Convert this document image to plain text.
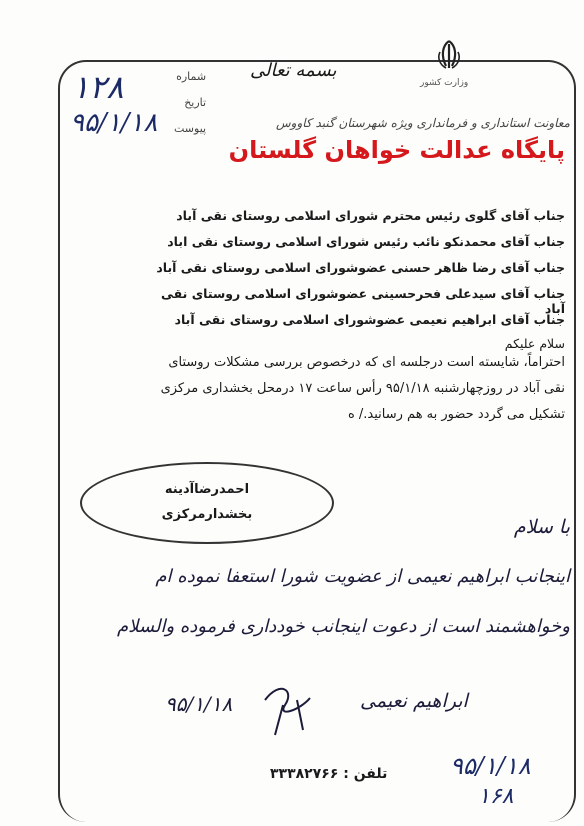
وزارت کشور
بسمه تعالی
شماره
تاریخ
پیوست
۱۲۸
۹۵/۱/۱۸	معاونت استانداری و فرمانداری ویژه شهرستان گنبد کاووس
پایگاه عدالت خواهان گلستان
جناب آقای گلوی رئیس محترم شورای اسلامی روستای نقی آباد
جناب آقای محمدنکو نائب رئیس شورای اسلامی روستای نقی اباد
جناب آقای رضا ظاهر حسنی عضوشورای اسلامی روستای نقی آباد
جناب آقای سیدعلی فحرحسینی عضوشورای اسلامی روستای نقی آباد
جناب آقای ابراهیم نعیمی عضوشورای اسلامی روستای نقی آباد
سلام علیکم
احتراماً، شایسته است درجلسه ای که درخصوص بررسی مشکلات روستای
نقی آباد در روزچهارشنبه ۹۵/۱/۱۸ رأس ساعت ۱۷ درمحل بخشداری مرکزی
تشکیل می گردد حضور به هم رسانید./ ه
احمدرضاآدینه
بخشدارمرکزی
با سلام
اینجانب ابراهیم نعیمی از عضویت شورا استعفا نموده ام
وخواهشمند است از دعوت اینجانب خودداری فرموده والسلام
ابراهیم نعیمی
۹۵/۱/۱۸
تلفن : ۳۳۳۸۲۷۶۶	۹۵/۱/۱۸
۱۶۸
